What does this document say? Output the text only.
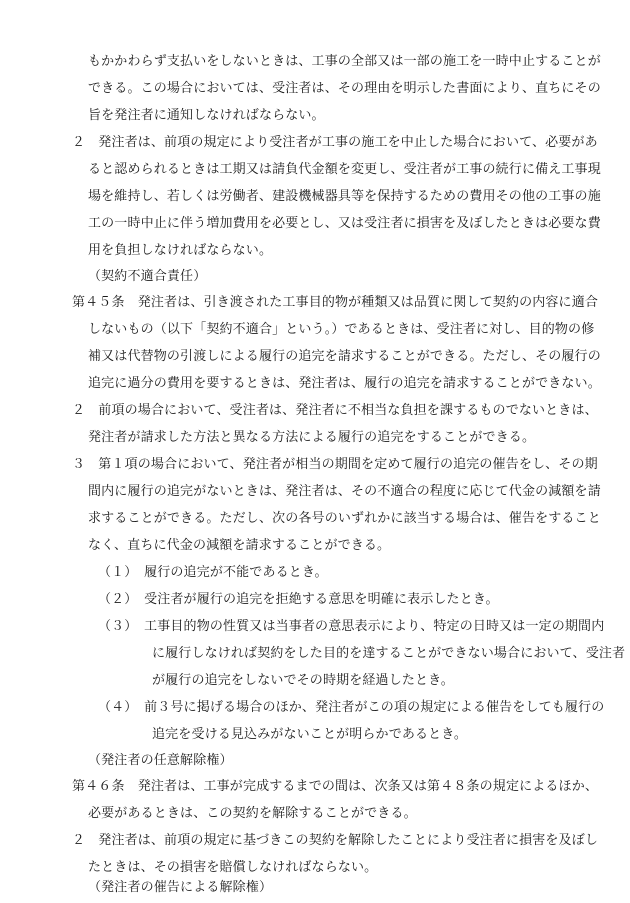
もかかわらず支払いをしないときは、工事の全部又は一部の施工を一時中止することが
できる。この場合においては、受注者は、その理由を明示した書面により、直ちにその
旨を発注者に通知しなければならない。
２　発注者は、前項の規定により受注者が工事の施工を中止した場合において、必要があ
ると認められるときは工期又は請負代金額を変更し、受注者が工事の続行に備え工事現
場を維持し、若しくは労働者、建設機械器具等を保持するための費用その他の工事の施
工の一時中止に伴う増加費用を必要とし、又は受注者に損害を及ぼしたときは必要な費
用を負担しなければならない。
（契約不適合責任）
第４５条　発注者は、引き渡された工事目的物が種類又は品質に関して契約の内容に適合
しないもの（以下「契約不適合」という。）であるときは、受注者に対し、目的物の修
補又は代替物の引渡しによる履行の追完を請求することができる。ただし、その履行の
追完に過分の費用を要するときは、発注者は、履行の追完を請求することができない。
２　前項の場合において、受注者は、発注者に不相当な負担を課するものでないときは、
発注者が請求した方法と異なる方法による履行の追完をすることができる。
３　第１項の場合において、発注者が相当の期間を定めて履行の追完の催告をし、その期
間内に履行の追完がないときは、発注者は、その不適合の程度に応じて代金の減額を請
求することができる。ただし、次の各号のいずれかに該当する場合は、催告をすること
なく、直ちに代金の減額を請求することができる。
（１）　履行の追完が不能であるとき。
（２）　受注者が履行の追完を拒絶する意思を明確に表示したとき。
（３）　工事目的物の性質又は当事者の意思表示により、特定の日時又は一定の期間内
に履行しなければ契約をした目的を達することができない場合において、受注者
が履行の追完をしないでその時期を経過したとき。
（４）　前３号に掲げる場合のほか、発注者がこの項の規定による催告をしても履行の
追完を受ける見込みがないことが明らかであるとき。
（発注者の任意解除権）
第４６条　発注者は、工事が完成するまでの間は、次条又は第４８条の規定によるほか、
必要があるときは、この契約を解除することができる。
２　発注者は、前項の規定に基づきこの契約を解除したことにより受注者に損害を及ぼし
たときは、その損害を賠償しなければならない。
（発注者の催告による解除権）
